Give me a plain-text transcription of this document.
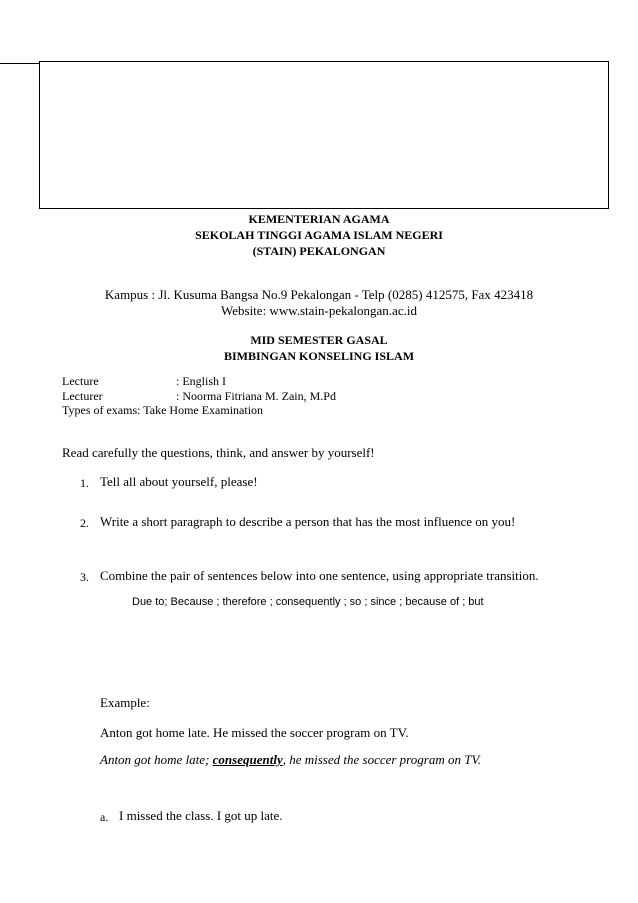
KEMENTERIAN AGAMA
SEKOLAH TINGGI AGAMA ISLAM NEGERI
(STAIN) PEKALONGAN
Kampus : Jl. Kusuma Bangsa No.9 Pekalongan - Telp (0285) 412575, Fax 423418
Website: www.stain-pekalongan.ac.id
MID SEMESTER GASAL
BIMBINGAN KONSELING ISLAM
Lecture	: English I
Lecturer	: Noorma Fitriana M. Zain, M.Pd
Types of exams: Take Home Examination
Read carefully the questions, think, and answer by yourself!
1. Tell all about yourself, please!
2. Write a short paragraph to describe a person that has the most influence on you!
3. Combine the pair of sentences below into one sentence, using appropriate transition.
Due to; Because ; therefore ; consequently ; so ; since ; because of ; but
Example:
Anton got home late. He missed the soccer program on TV.
Anton got home late; consequently, he missed the soccer program on TV.
a. I missed the class. I got up late.
